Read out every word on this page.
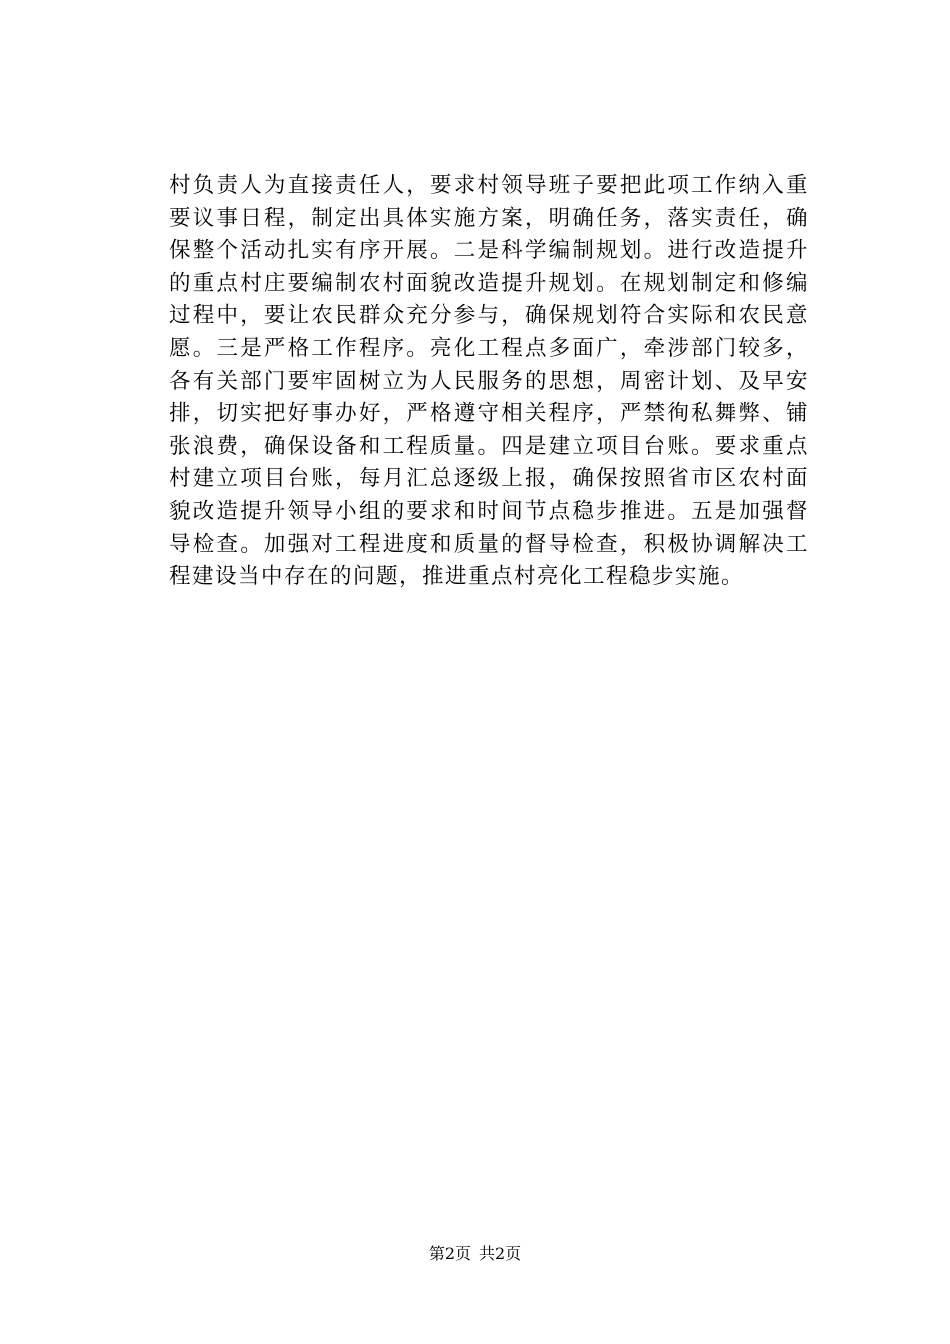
村负责人为直接责任人，要求村领导班子要把此项工作纳入重
要议事日程，制定出具体实施方案，明确任务，落实责任，确
保整个活动扎实有序开展。二是科学编制规划。进行改造提升
的重点村庄要编制农村面貌改造提升规划。在规划制定和修编
过程中，要让农民群众充分参与，确保规划符合实际和农民意
愿。三是严格工作程序。亮化工程点多面广，牵涉部门较多，
各有关部门要牢固树立为人民服务的思想，周密计划、及早安
排，切实把好事办好，严格遵守相关程序，严禁徇私舞弊、铺
张浪费，确保设备和工程质量。四是建立项目台账。要求重点
村建立项目台账，每月汇总逐级上报，确保按照省市区农村面
貌改造提升领导小组的要求和时间节点稳步推进。五是加强督
导检查。加强对工程进度和质量的督导检查，积极协调解决工
程建设当中存在的问题，推进重点村亮化工程稳步实施。
第2页 共2页
